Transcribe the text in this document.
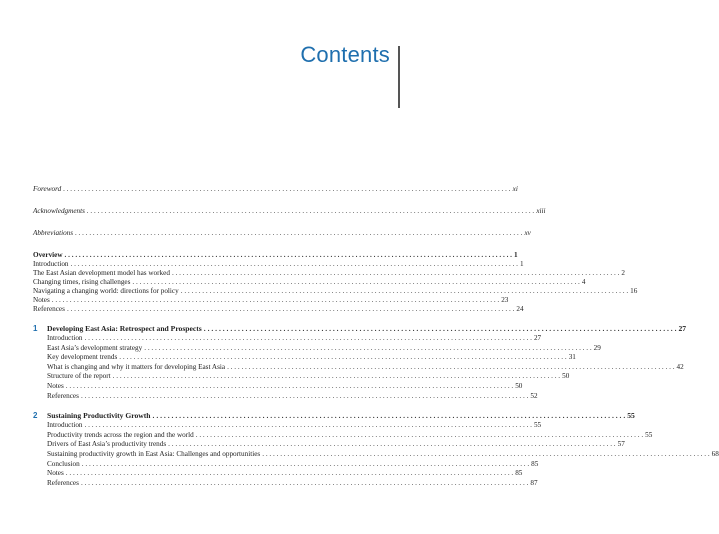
Contents
Foreword . . .	xi
Acknowledgments . . .	xiii
Abbreviations . . .	xv
Overview . . .	1
Introduction . . .	1
The East Asian development model has worked . . .	2
Changing times, rising challenges . . .	4
Navigating a changing world: directions for policy . . .	16
Notes . . .	23
References . . .	24
1	Developing East Asia: Retrospect and Prospects . . .	27
Introduction . . .	27
East Asia’s development strategy . . .	29
Key development trends . . .	31
What is changing and why it matters for developing East Asia . . .	42
Structure of the report . . .	50
Notes . . .	50
References . . .	52
2	Sustaining Productivity Growth . . .	55
Introduction . . .	55
Productivity trends across the region and the world . . .	55
Drivers of East Asia’s productivity trends . . .	57
Sustaining productivity growth in East Asia: Challenges and opportunities . . .	68
Conclusion . . .	85
Notes . . .	85
References . . .	87
